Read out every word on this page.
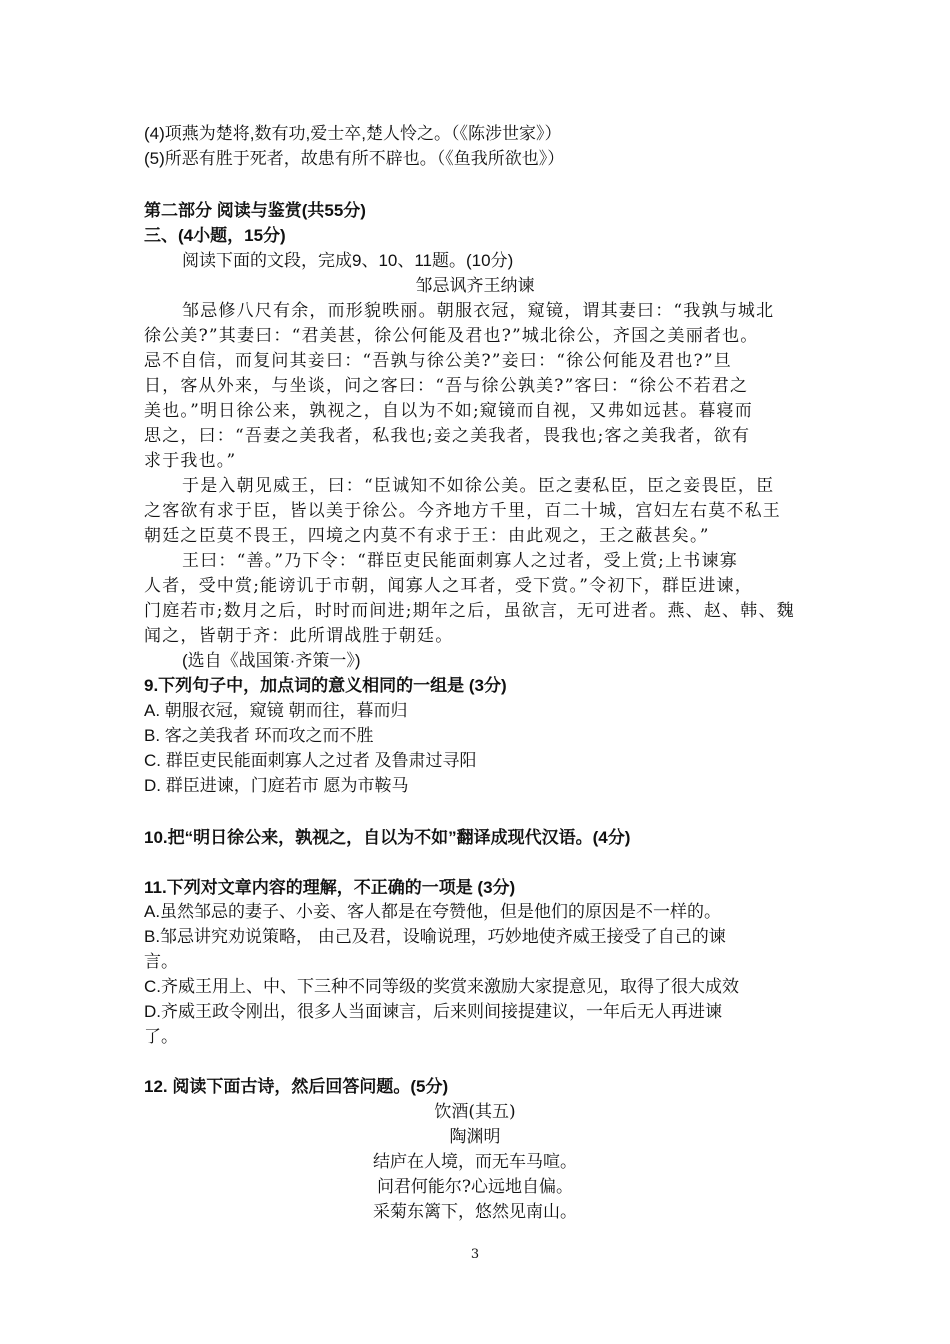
(4)项燕为楚将,数有功,爱士卒,楚人怜之。（《陈涉世家》）
(5)所恶有胜于死者，故患有所不辟也。（《鱼我所欲也》）
第二部分 阅读与鉴赏(共55分)
三、(4小题，15分)
阅读下面的文段，完成9、10、11题。(10分)
邹忌讽齐王纳谏
邹忌修八尺有余，而形貌昳丽。朝服衣冠，窥镜，谓其妻曰：“我孰与城北
徐公美?”其妻曰：“君美甚，徐公何能及君也?”城北徐公，齐国之美丽者也。
忌不自信，而复问其妾曰：“吾孰与徐公美?”妾曰：“徐公何能及君也?”旦
日，客从外来，与坐谈，问之客曰：“吾与徐公孰美?”客曰：“徐公不若君之
美也。”明日徐公来，孰视之，自以为不如;窥镜而自视，又弗如远甚。暮寝而
思之，曰：“吾妻之美我者，私我也;妾之美我者，畏我也;客之美我者，欲有
求于我也。”
于是入朝见威王，曰：“臣诚知不如徐公美。臣之妻私臣，臣之妾畏臣，臣
之客欲有求于臣，皆以美于徐公。今齐地方千里，百二十城，宫妇左右莫不私王
朝廷之臣莫不畏王，四境之内莫不有求于王：由此观之，王之蔽甚矣。”
王曰：“善。”乃下令：“群臣吏民能面刺寡人之过者，受上赏;上书谏寡
人者，受中赏;能谤讥于市朝，闻寡人之耳者，受下赏。”令初下，群臣进谏，
门庭若市;数月之后，时时而间进;期年之后，虽欲言，无可进者。燕、赵、韩、魏
闻之，皆朝于齐：此所谓战胜于朝廷。
(选自《战国策·齐策一》)
9.下列句子中，加点词的意义相同的一组是 (3分)
A. 朝服衣冠，窥镜 朝而往，暮而归
B. 客之美我者 环而攻之而不胜
C. 群臣吏民能面刺寡人之过者 及鲁肃过寻阳
D. 群臣进谏，门庭若市 愿为市鞍马
10.把“明日徐公来，孰视之，自以为不如”翻译成现代汉语。(4分)
11.下列对文章内容的理解，不正确的一项是 (3分)
A.虽然邹忌的妻子、小妾、客人都是在夸赞他，但是他们的原因是不一样的。
B.邹忌讲究劝说策略， 由己及君，设喻说理，巧妙地使齐威王接受了自己的谏
言。
C.齐威王用上、中、下三种不同等级的奖赏来激励大家提意见，取得了很大成效
D.齐威王政令刚出，很多人当面谏言，后来则间接提建议，一年后无人再进谏
了。
12. 阅读下面古诗，然后回答问题。(5分)
饮酒(其五)
陶渊明
结庐在人境，而无车马喧。
问君何能尔?心远地自偏。
采菊东篱下，悠然见南山。
3
